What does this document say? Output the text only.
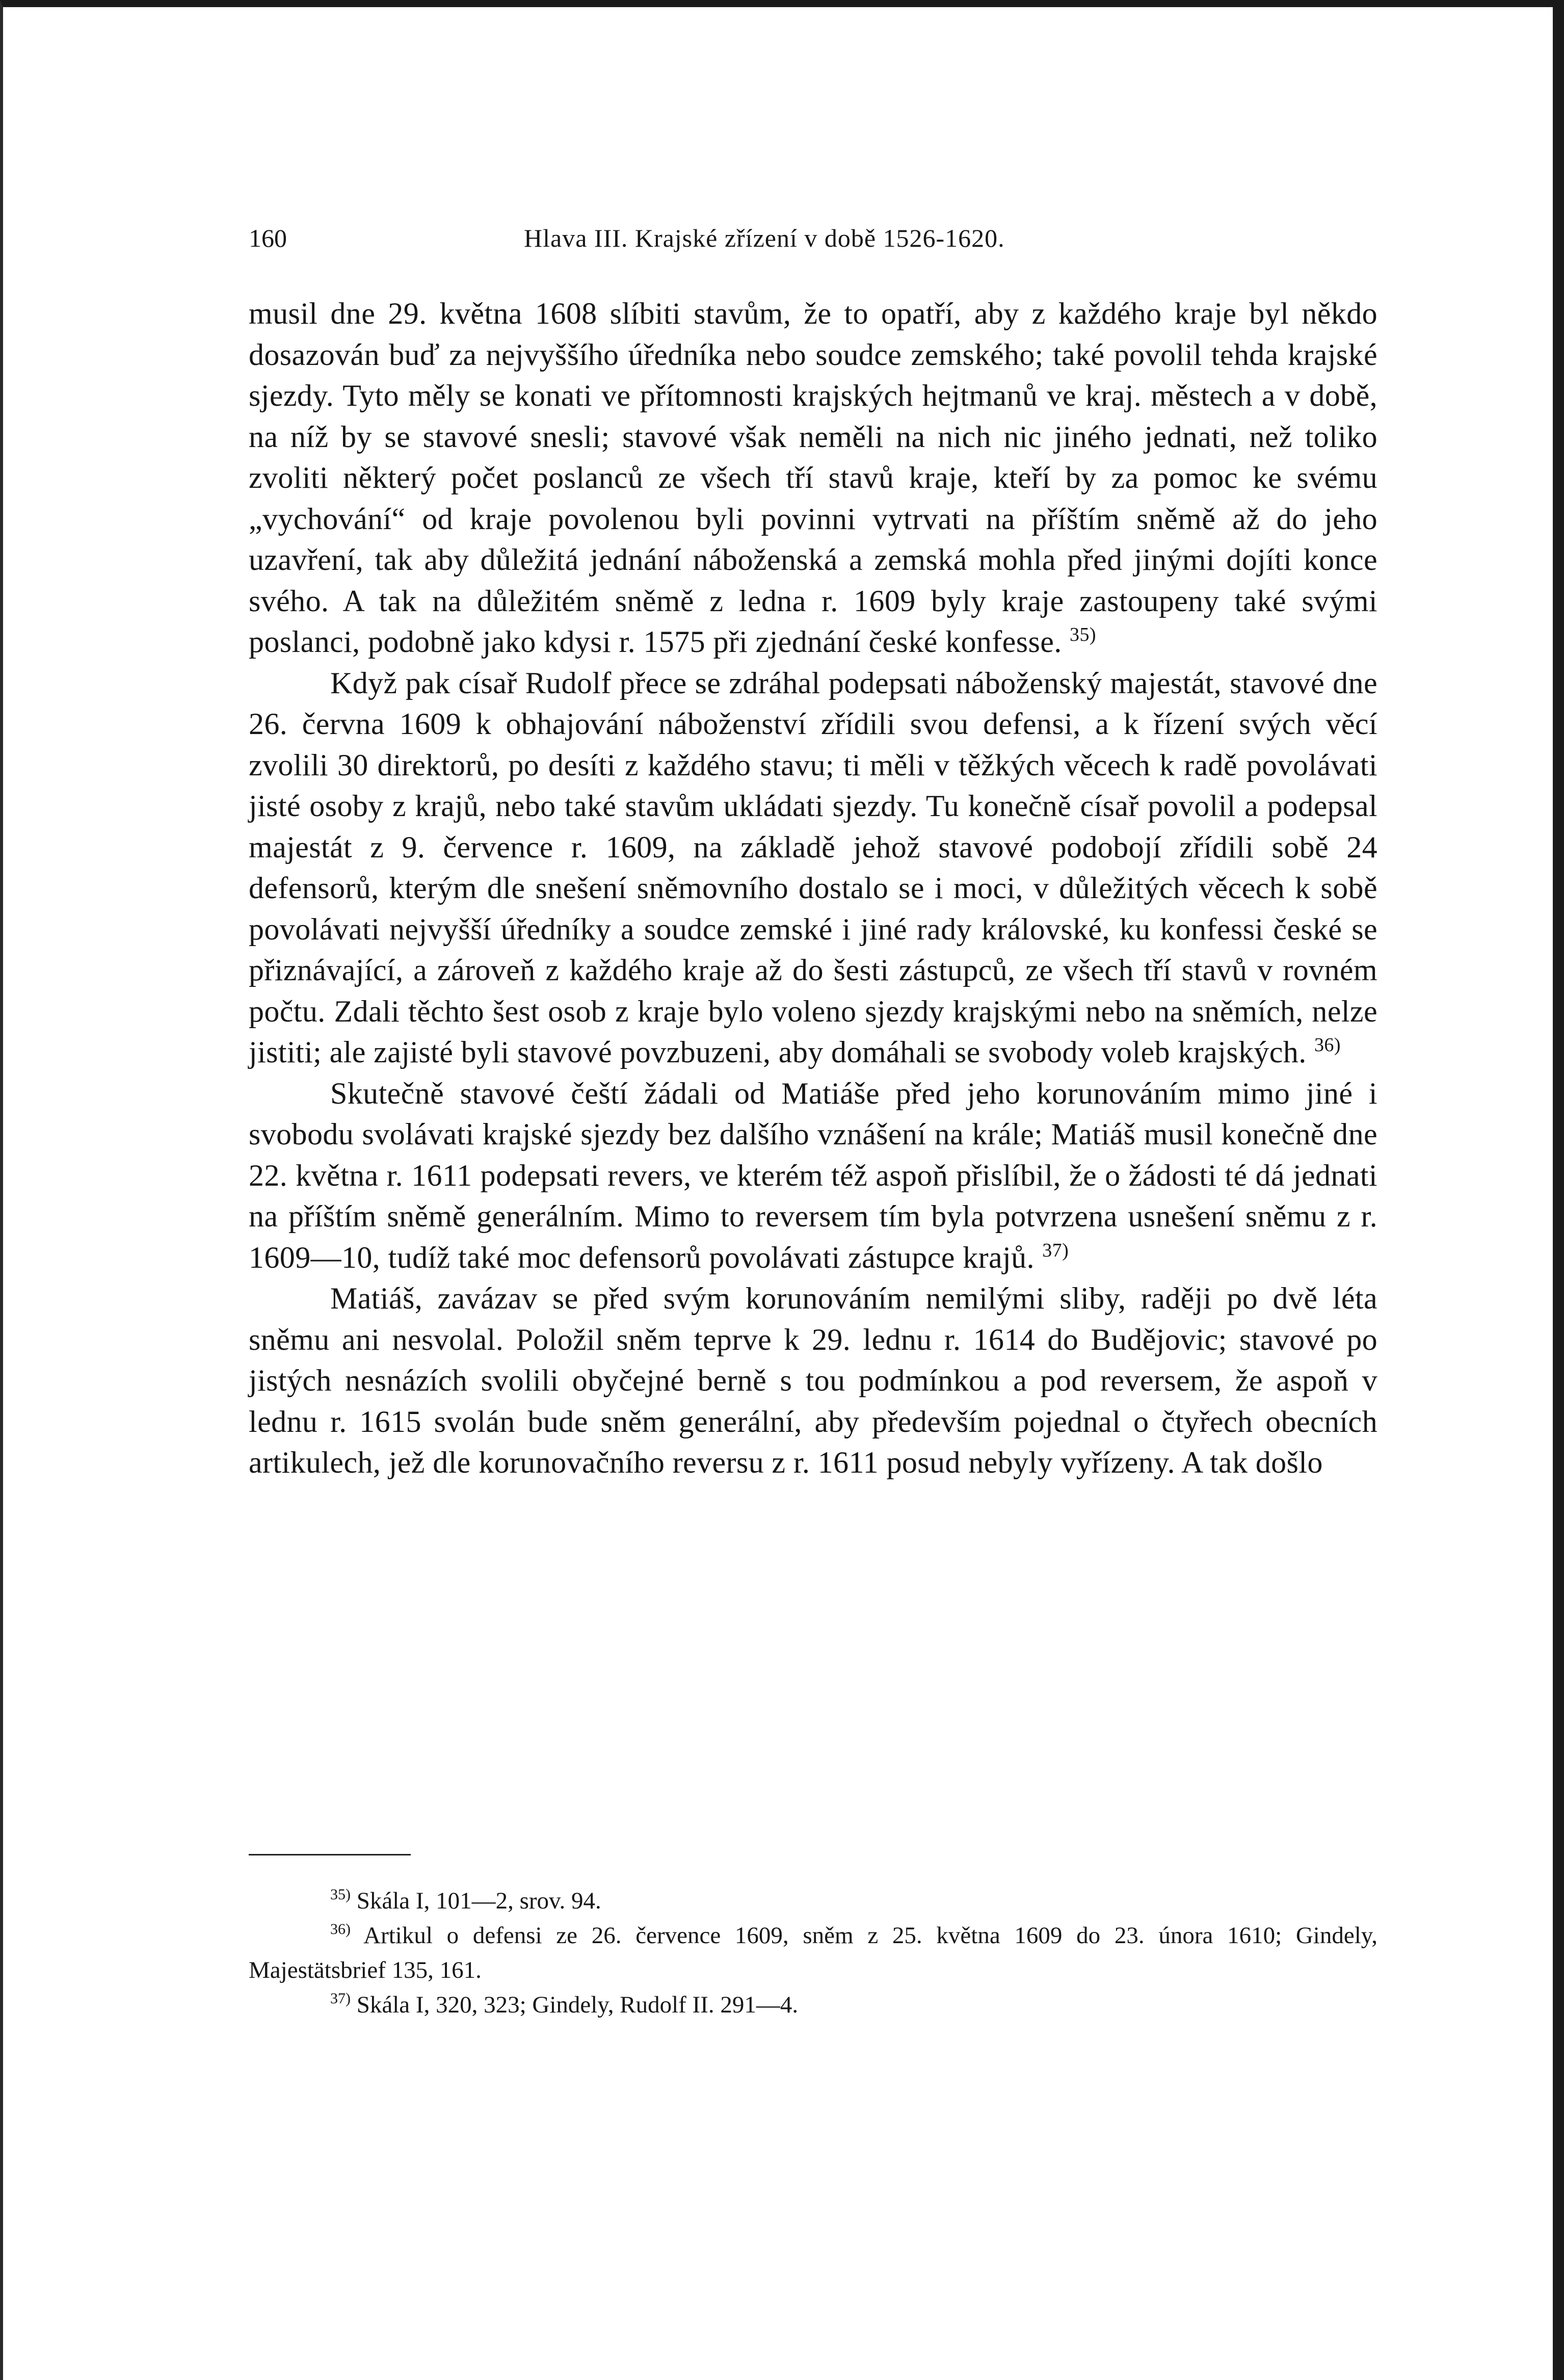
160	Hlava III. Krajské zřízení v době 1526-1620.

musil dne 29. května 1608 slíbiti stavům, že to opatří, aby z každého kraje byl někdo dosazován buď za nejvyššího úředníka nebo soudce zemského; také povolil tehda krajské sjezdy. Tyto měly se konati ve přítomnosti krajských hejtmanů ve kraj. městech a v době, na níž by se stavové snesli; stavové však neměli na nich nic jiného jednati, než toliko zvoliti některý počet poslanců ze všech tří stavů kraje, kteří by za pomoc ke svému „vychování“ od kraje povolenou byli povinni vytrvati na příštím sněmě až do jeho uzavření, tak aby důležitá jednání náboženská a zemská mohla před jinými dojíti konce svého. A tak na důležitém sněmě z ledna r. 1609 byly kraje zastoupeny také svými poslanci, podobně jako kdysi r. 1575 při zjednání české konfesse. $^{35)}$

Když pak císař Rudolf přece se zdráhal podepsati náboženský majestát, stavové dne 26. června 1609 k obhajování náboženství zřídili svou defensi, a k řízení svých věcí zvolili 30 direktorů, po desíti z každého stavu; ti měli v těžkých věcech k radě povolávati jisté osoby z krajů, nebo také stavům ukládati sjezdy. Tu konečně císař povolil a podepsal majestát z 9. července r. 1609, na základě jehož stavové podobojí zřídili sobě 24 defensorů, kterým dle snešení sněmovního dostalo se i moci, v důležitých věcech k sobě povolávati nejvyšší úředníky a soudce zemské i jiné rady královské, ku konfessi české se přiznávající, a zároveň z každého kraje až do šesti zástupců, ze všech tří stavů v rovném počtu. Zdali těchto šest osob z kraje bylo voleno sjezdy krajskými nebo na sněmích, nelze jistiti; ale zajisté byli stavové povzbuzeni, aby domáhali se svobody voleb krajských. $^{36)}$

Skutečně stavové čeští žádali od Matiáše před jeho korunováním mimo jiné i svobodu svolávati krajské sjezdy bez dalšího vznášení na krále; Matiáš musil konečně dne 22. května r. 1611 podepsati revers, ve kterém též aspoň přislíbil, že o žádosti té dá jednati na příštím sněmě generálním. Mimo to reversem tím byla potvrzena usnešení sněmu z r. 1609—10, tudíž také moc defensorů povolávati zástupce krajů. $^{37)}$

Matiáš, zavázav se před svým korunováním nemilými sliby, raději po dvě léta sněmu ani nesvolal. Položil sněm teprve k 29. lednu r. 1614 do Budějovic; stavové po jistých nesnázích svolili obyčejné berně s tou podmínkou a pod reversem, že aspoň v lednu r. 1615 svolán bude sněm generální, aby především pojednal o čtyřech obecních artikulech, jež dle korunovačního reversu z r. 1611 posud nebyly vyřízeny. A tak došlo

$^{35)}$ Skála I, 101—2, srov. 94.

$^{36)}$ Artikul o defensi ze 26. července 1609, sněm z 25. května 1609 do 23. února 1610; Gindely, Majestätsbrief 135, 161.

$^{37)}$ Skála I, 320, 323; Gindely, Rudolf II. 291—4.
